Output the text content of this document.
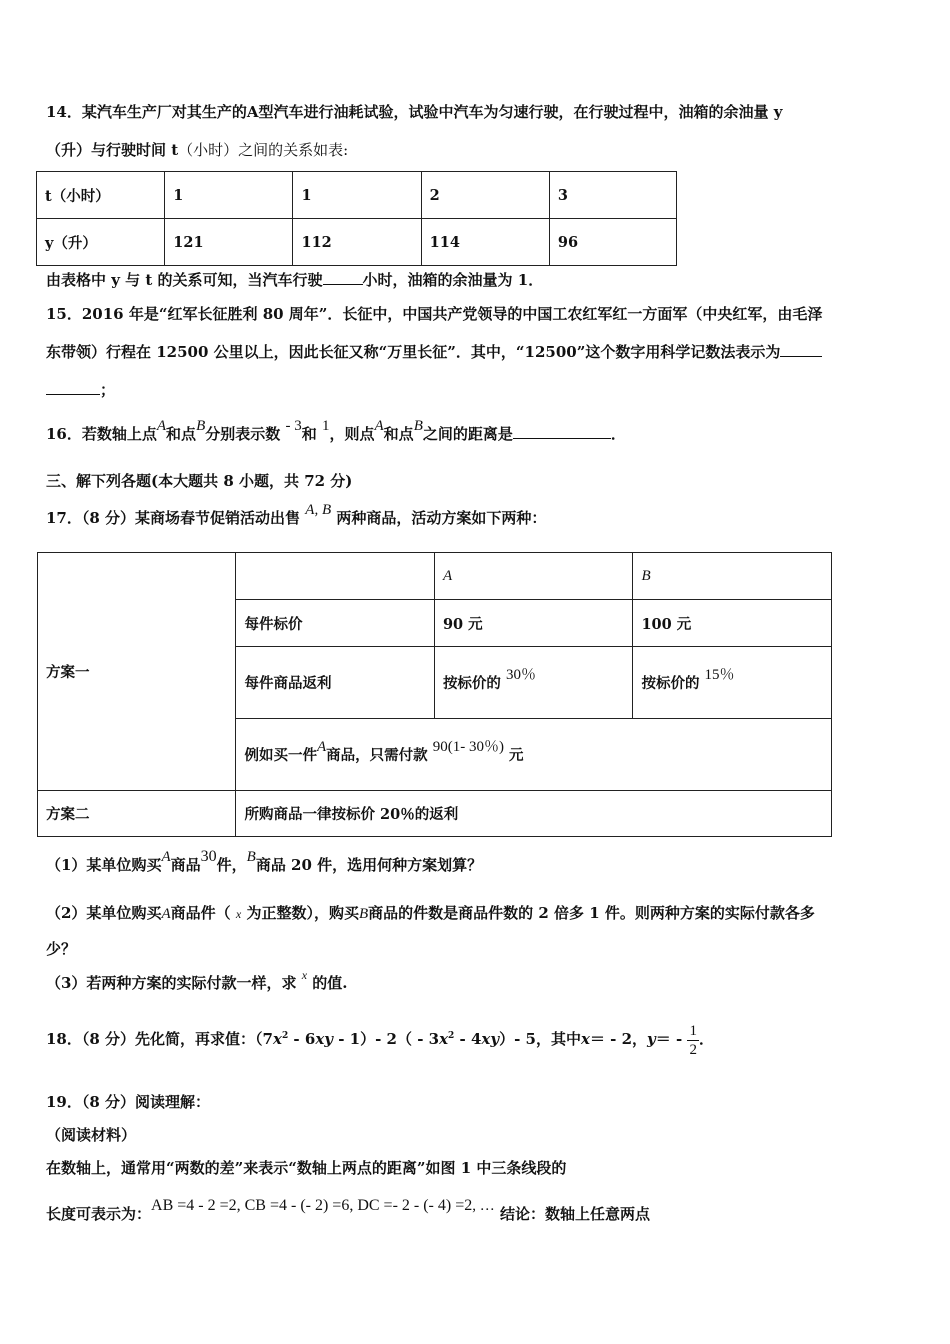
14．某汽车生产厂对其生产的A型汽车进行油耗试验，试验中汽车为匀速行驶，在行驶过程中，油箱的余油量 y
（升）与行驶时间 t（小时）之间的关系如表:
t（小时）	1	1	2	3
y（升）	121	112	114	96
由表格中 y 与 t 的关系可知，当汽车行驶	小时，油箱的余油量为 1．
15．2016 年是“红军长征胜利 80 周年”．长征中，中国共产党领导的中国工农红军红一方面军（中央红军，由毛泽
东带领）行程在 12500 公里以上，因此长征又称“万里长征”．其中，“12500”这个数字用科学记数法表示为
；
16．若数轴上点A和点B分别表示数 - 3和 1，则点A和点B之间的距离是	．
三、解下列各题(本大题共 8 小题，共 72 分)
17．（8 分）某商场春节促销活动出售 A, B 两种商品，活动方案如下两种：
方案一		A	B
	每件标价	90 元	100 元
	每件商品返利	按标价的 30％	按标价的 15％
	例如买一件A商品，只需付款 90(1- 30％) 元		
方案二	所购商品一律按标价 20％的返利		
（1）某单位购买A商品30件，B商品 20 件，选用何种方案划算？
（2）某单位购买A商品件（ x 为正整数），购买B商品的件数是商品件数的 2 倍多 1 件。则两种方案的实际付款各多
少？
（3）若两种方案的实际付款一样，求 $^x$ 的值.
18．（8 分）先化简，再求值：$(7x^2 - 6xy - 1)-$ $2( - 3x^2 - 4xy)-$ 5，其中x＝ - 2，$y= - \frac{1}{2}$ ．
19．（8 分）阅读理解：
（阅读材料）
在数轴上，通常用“两数的差”来表示“数轴上两点的距离”如图 1 中三条线段的
长度可表示为：AB =4 - 2 =2, CB =4 - (- 2) =6, DC =- 2 - (- 4) =2, … 结论：数轴上任意两点
